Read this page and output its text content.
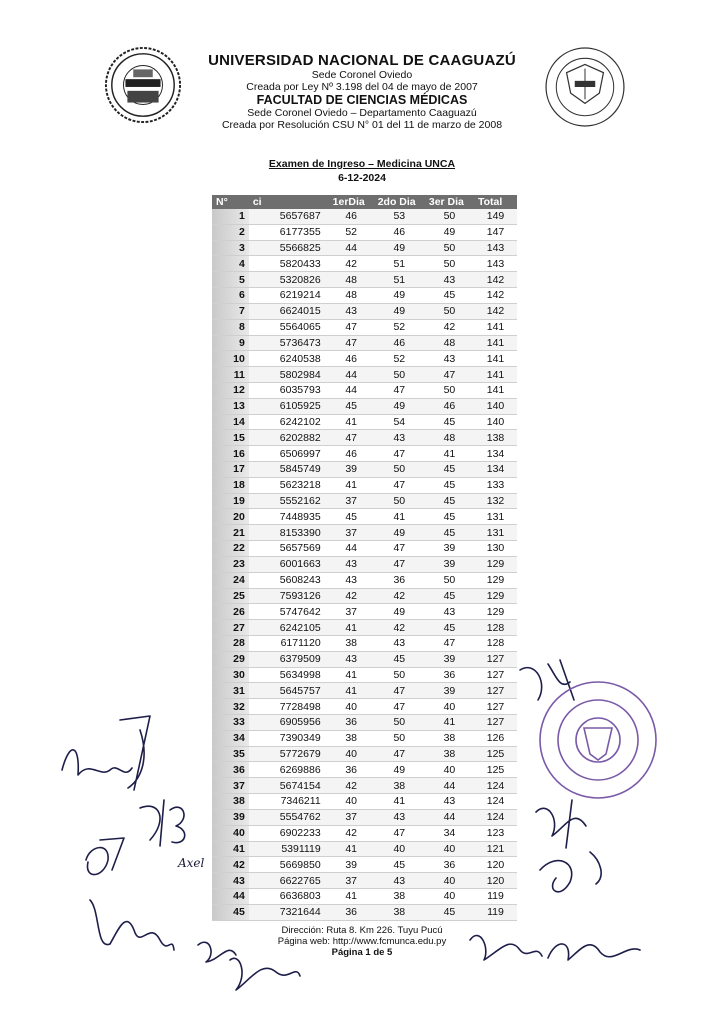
UNIVERSIDAD NACIONAL DE CAAGUAZÚ
Sede Coronel Oviedo
Creada por Ley Nº 3.198 del 04 de mayo de 2007
FACULTAD DE CIENCIAS MÉDICAS
Sede Coronel Oviedo – Departamento Caaguazú
Creada por Resolución CSU N° 01 del 11 de marzo de 2008
Examen de Ingreso – Medicina UNCA
6-12-2024
N°	ci	1erDia	2do Dia	3er Dia	Total
1	5657687	46	53	50	149
2	6177355	52	46	49	147
3	5566825	44	49	50	143
4	5820433	42	51	50	143
5	5320826	48	51	43	142
6	6219214	48	49	45	142
7	6624015	43	49	50	142
8	5564065	47	52	42	141
9	5736473	47	46	48	141
10	6240538	46	52	43	141
11	5802984	44	50	47	141
12	6035793	44	47	50	141
13	6105925	45	49	46	140
14	6242102	41	54	45	140
15	6202882	47	43	48	138
16	6506997	46	47	41	134
17	5845749	39	50	45	134
18	5623218	41	47	45	133
19	5552162	37	50	45	132
20	7448935	45	41	45	131
21	8153390	37	49	45	131
22	5657569	44	47	39	130
23	6001663	43	47	39	129
24	5608243	43	36	50	129
25	7593126	42	42	45	129
26	5747642	37	49	43	129
27	6242105	41	42	45	128
28	6171120	38	43	47	128
29	6379509	43	45	39	127
30	5634998	41	50	36	127
31	5645757	41	47	39	127
32	7728498	40	47	40	127
33	6905956	36	50	41	127
34	7390349	38	50	38	126
35	5772679	40	47	38	125
36	6269886	36	49	40	125
37	5674154	42	38	44	124
38	7346211	40	41	43	124
39	5554762	37	43	44	124
40	6902233	42	47	34	123
41	5391119	41	40	40	121
42	5669850	39	45	36	120
43	6622765	37	43	40	120
44	6636803	41	38	40	119
45	7321644	36	38	45	119
Dirección: Ruta 8. Km 226. Tuyu Pucú
Página web: http://www.fcmunca.edu.py
Página 1 de 5
Axel
